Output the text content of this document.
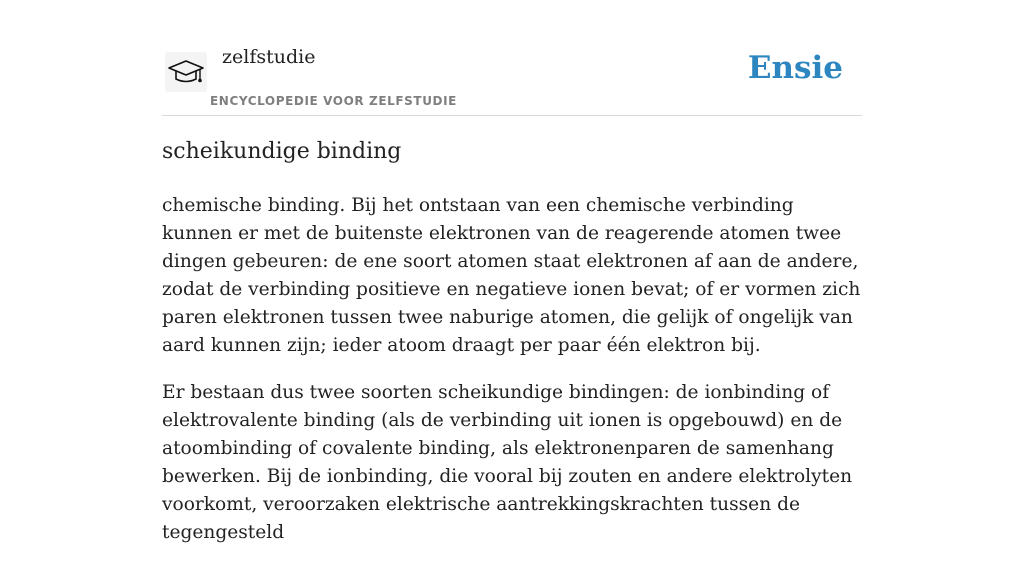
zelfstudie
ENCYCLOPEDIE VOOR ZELFSTUDIE
Ensie
scheikundige binding

chemische binding. Bij het ontstaan van een chemische verbinding kunnen er met de buitenste elektronen van de reagerende atomen twee dingen gebeuren: de ene soort atomen staat elektronen af aan de andere, zodat de verbinding positieve en negatieve ionen bevat; of er vormen zich paren elektronen tussen twee naburige atomen, die gelijk of ongelijk van aard kunnen zijn; ieder atoom draagt per paar één elektron bij.

Er bestaan dus twee soorten scheikundige bindingen: de ionbinding of elektrovalente binding (als de verbinding uit ionen is opgebouwd) en de atoombinding of covalente binding, als elektronenparen de samenhang bewerken. Bij de ionbinding, die vooral bij zouten en andere elektrolyten voorkomt, veroorzaken elektrische aantrekkingskrachten tussen de tegengesteld
